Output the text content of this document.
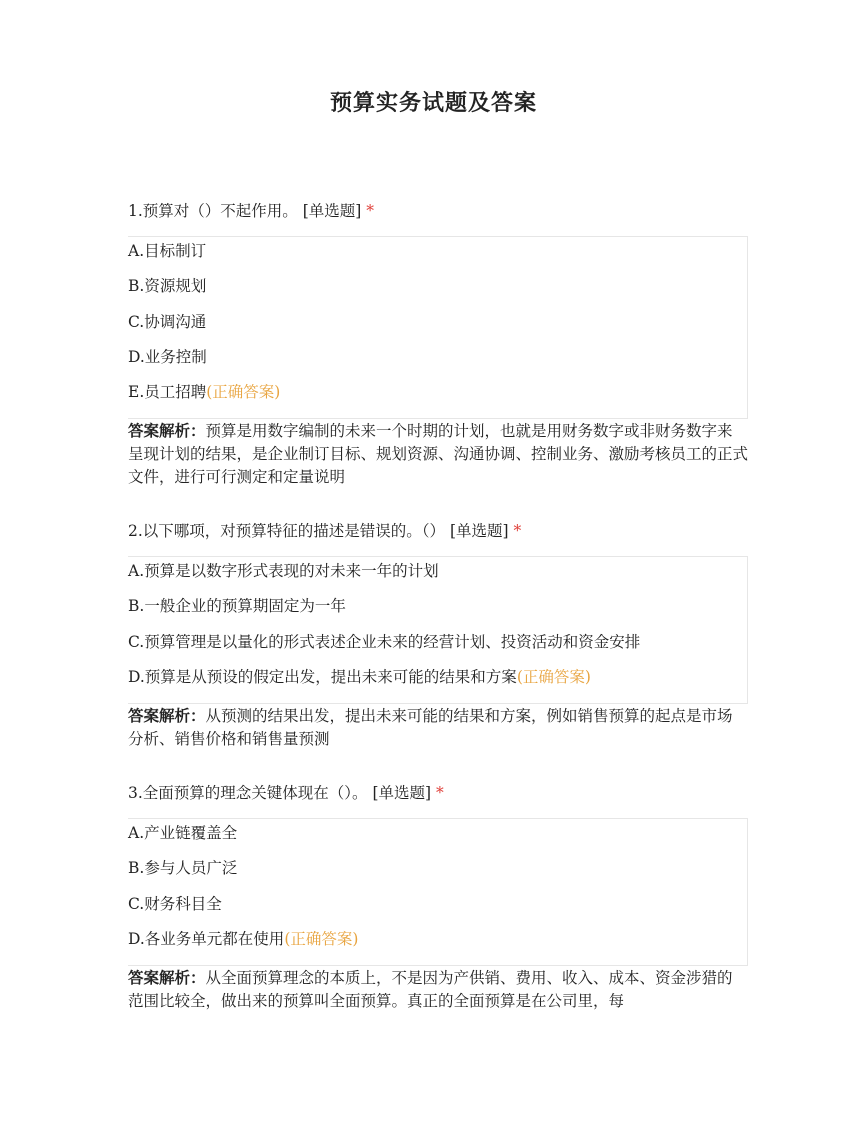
预算实务试题及答案
1.预算对（）不起作用。 [单选题] *
A.目标制订
B.资源规划
C.协调沟通
D.业务控制
E.员工招聘(正确答案)
答案解析：预算是用数字编制的未来一个时期的计划，也就是用财务数字或非财务数字来呈现计划的结果，是企业制订目标、规划资源、沟通协调、控制业务、激励考核员工的正式文件，进行可行测定和定量说明
2.以下哪项，对预算特征的描述是错误的。（） [单选题] *
A.预算是以数字形式表现的对未来一年的计划
B.一般企业的预算期固定为一年
C.预算管理是以量化的形式表述企业未来的经营计划、投资活动和资金安排
D.预算是从预设的假定出发，提出未来可能的结果和方案(正确答案)
答案解析：从预测的结果出发，提出未来可能的结果和方案，例如销售预算的起点是市场分析、销售价格和销售量预测
3.全面预算的理念关键体现在（）。 [单选题] *
A.产业链覆盖全
B.参与人员广泛
C.财务科目全
D.各业务单元都在使用(正确答案)
答案解析：从全面预算理念的本质上，不是因为产供销、费用、收入、成本、资金涉猎的范围比较全，做出来的预算叫全面预算。真正的全面预算是在公司里，每
